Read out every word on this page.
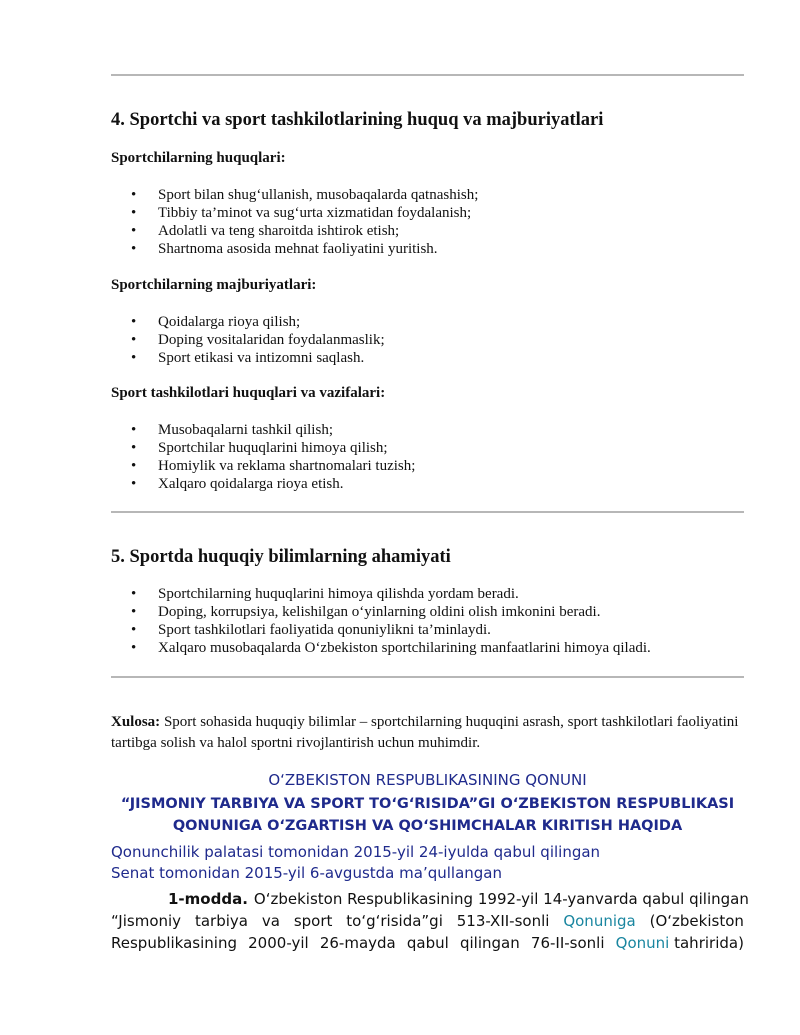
4. Sportchi va sport tashkilotlarining huquq va majburiyatlari
Sportchilarning huquqlari:
• Sport bilan shug‘ullanish, musobaqalarda qatnashish;
• Tibbiy ta’minot va sug‘urta xizmatidan foydalanish;
• Adolatli va teng sharoitda ishtirok etish;
• Shartnoma asosida mehnat faoliyatini yuritish.
Sportchilarning majburiyatlari:
• Qoidalarga rioya qilish;
• Doping vositalaridan foydalanmaslik;
• Sport etikasi va intizomni saqlash.
Sport tashkilotlari huquqlari va vazifalari:
• Musobaqalarni tashkil qilish;
• Sportchilar huquqlarini himoya qilish;
• Homiylik va reklama shartnomalari tuzish;
• Xalqaro qoidalarga rioya etish.
5. Sportda huquqiy bilimlarning ahamiyati
• Sportchilarning huquqlarini himoya qilishda yordam beradi.
• Doping, korrupsiya, kelishilgan o‘yinlarning oldini olish imkonini beradi.
• Sport tashkilotlari faoliyatida qonuniylikni ta’minlaydi.
• Xalqaro musobaqalarda O‘zbekiston sportchilarining manfaatlarini himoya qiladi.

Xulosa: Sport sohasida huquqiy bilimlar – sportchilarning huquqini asrash, sport tashkilotlari faoliyatini tartibga solish va halol sportni rivojlantirish uchun muhimdir.

O‘ZBEKISTON RESPUBLIKASINING QONUNI

“JISMONIY TARBIYA VA SPORT TO‘G‘RISIDA”GI O‘ZBEKISTON RESPUBLIKASI
QONUNIGA O‘ZGARTISH VA QO‘SHIMCHALAR KIRITISH HAQIDA

Qonunchilik palatasi tomonidan 2015-yil 24-iyulda qabul qilingan

Senat tomonidan 2015-yil 6-avgustda ma’qullangan

1-modda. O‘zbekiston Respublikasining 1992-yil 14-yanvarda qabul qilingan
“Jismoniy tarbiya va sport to‘g‘risida”gi 513-XII-sonli Qonuniga (O‘zbekiston
Respublikasining 2000-yil 26-mayda qabul qilingan 76-II-sonli Qonuni tahririda)
